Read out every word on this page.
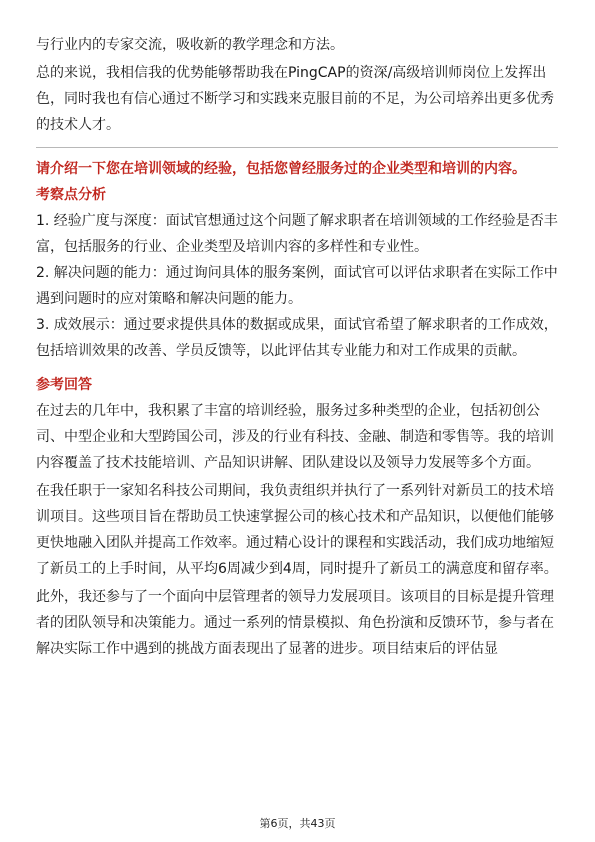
与行业内的专家交流，吸收新的教学理念和方法。

总的来说，我相信我的优势能够帮助我在PingCAP的资深/高级培训师岗位上发挥出色，同时我也有信心通过不断学习和实践来克服目前的不足，为公司培养出更多优秀的技术人才。

请介绍一下您在培训领域的经验，包括您曾经服务过的企业类型和培训的内容。

考察点分析

1. 经验广度与深度：面试官想通过这个问题了解求职者在培训领域的工作经验是否丰富，包括服务的行业、企业类型及培训内容的多样性和专业性。

2. 解决问题的能力：通过询问具体的服务案例，面试官可以评估求职者在实际工作中遇到问题时的应对策略和解决问题的能力。

3. 成效展示：通过要求提供具体的数据或成果，面试官希望了解求职者的工作成效，包括培训效果的改善、学员反馈等，以此评估其专业能力和对工作成果的贡献。

参考回答

在过去的几年中，我积累了丰富的培训经验，服务过多种类型的企业，包括初创公司、中型企业和大型跨国公司，涉及的行业有科技、金融、制造和零售等。我的培训内容覆盖了技术技能培训、产品知识讲解、团队建设以及领导力发展等多个方面。

在我任职于一家知名科技公司期间，我负责组织并执行了一系列针对新员工的技术培训项目。这些项目旨在帮助员工快速掌握公司的核心技术和产品知识，以便他们能够更快地融入团队并提高工作效率。通过精心设计的课程和实践活动，我们成功地缩短了新员工的上手时间，从平均6周减少到4周，同时提升了新员工的满意度和留存率。

此外，我还参与了一个面向中层管理者的领导力发展项目。该项目的目标是提升管理者的团队领导和决策能力。通过一系列的情景模拟、角色扮演和反馈环节，参与者在解决实际工作中遇到的挑战方面表现出了显著的进步。项目结束后的评估显

第6页，共43页
